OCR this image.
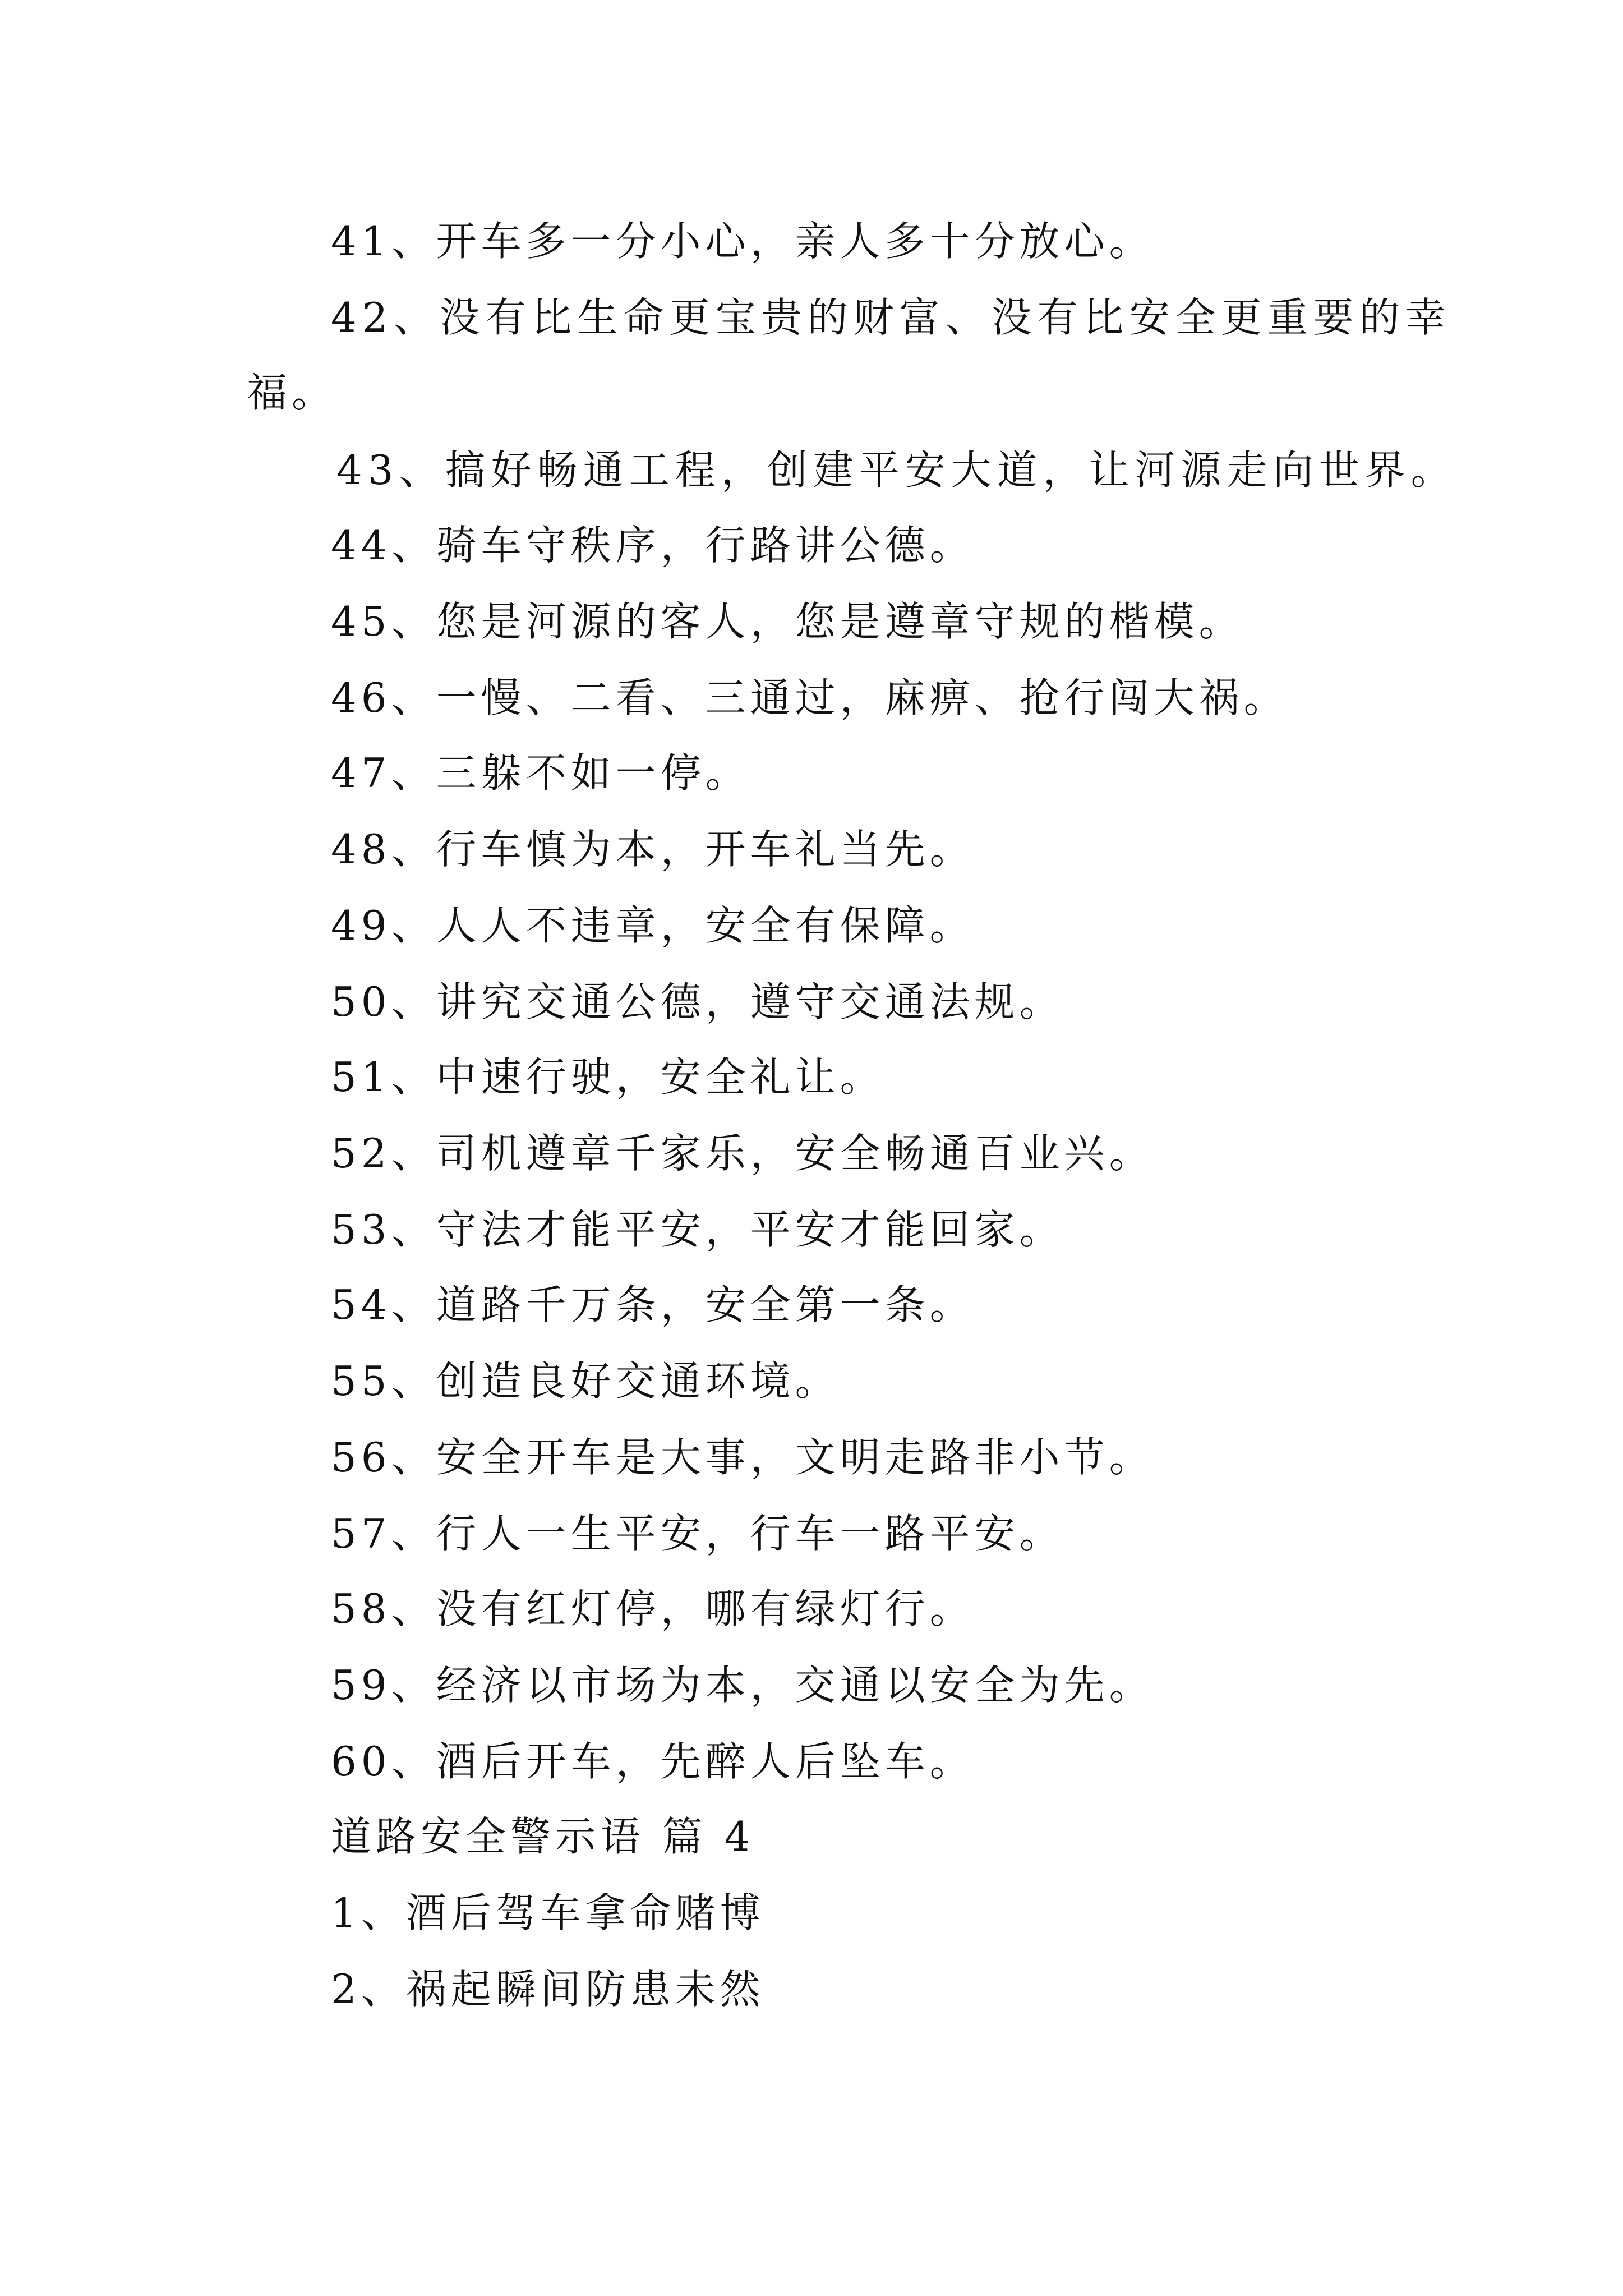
41、开车多一分小心，亲人多十分放心。
42、没有比生命更宝贵的财富、没有比安全更重要的幸
福。
43、搞好畅通工程，创建平安大道，让河源走向世界。
44、骑车守秩序，行路讲公德。
45、您是河源的客人，您是遵章守规的楷模。
46、一慢、二看、三通过，麻痹、抢行闯大祸。
47、三躲不如一停。
48、行车慎为本，开车礼当先。
49、人人不违章，安全有保障。
50、讲究交通公德，遵守交通法规。
51、中速行驶，安全礼让。
52、司机遵章千家乐，安全畅通百业兴。
53、守法才能平安，平安才能回家。
54、道路千万条，安全第一条。
55、创造良好交通环境。
56、安全开车是大事，文明走路非小节。
57、行人一生平安，行车一路平安。
58、没有红灯停，哪有绿灯行。
59、经济以市场为本，交通以安全为先。
60、酒后开车，先醉人后坠车。
道路安全警示语 篇 4
1、酒后驾车拿命赌博
2、祸起瞬间防患未然
